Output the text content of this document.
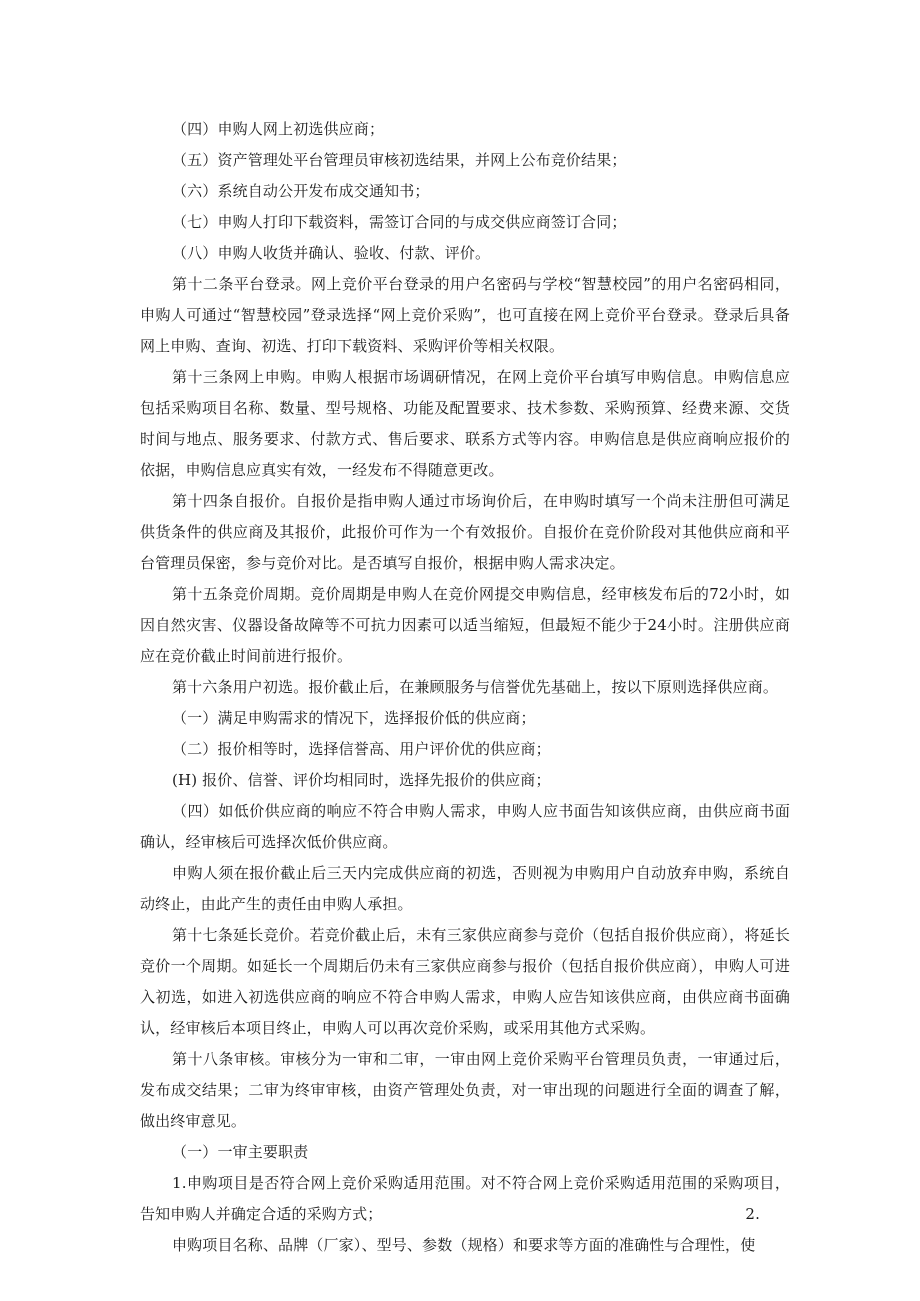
（四）申购人网上初选供应商；

（五）资产管理处平台管理员审核初选结果，并网上公布竞价结果；

（六）系统自动公开发布成交通知书；

（七）申购人打印下载资料，需签订合同的与成交供应商签订合同；

（八）申购人收货并确认、验收、付款、评价。

第十二条平台登录。网上竞价平台登录的用户名密码与学校“智慧校园”的用户名密码相同，申购人可通过“智慧校园”登录选择“网上竞价采购”，也可直接在网上竞价平台登录。登录后具备网上申购、查询、初选、打印下载资料、采购评价等相关权限。

第十三条网上申购。申购人根据市场调研情况，在网上竞价平台填写申购信息。申购信息应包括采购项目名称、数量、型号规格、功能及配置要求、技术参数、采购预算、经费来源、交货时间与地点、服务要求、付款方式、售后要求、联系方式等内容。申购信息是供应商响应报价的依据，申购信息应真实有效，一经发布不得随意更改。

第十四条自报价。自报价是指申购人通过市场询价后，在申购时填写一个尚未注册但可满足供货条件的供应商及其报价，此报价可作为一个有效报价。自报价在竞价阶段对其他供应商和平台管理员保密，参与竞价对比。是否填写自报价，根据申购人需求决定。

第十五条竞价周期。竞价周期是申购人在竞价网提交申购信息，经审核发布后的72小时，如因自然灾害、仪器设备故障等不可抗力因素可以适当缩短，但最短不能少于24小时。注册供应商应在竞价截止时间前进行报价。

第十六条用户初选。报价截止后，在兼顾服务与信誉优先基础上，按以下原则选择供应商。

（一）满足申购需求的情况下，选择报价低的供应商；

（二）报价相等时，选择信誉高、用户评价优的供应商；

(H) 报价、信誉、评价均相同时，选择先报价的供应商；

（四）如低价供应商的响应不符合申购人需求，申购人应书面告知该供应商，由供应商书面确认，经审核后可选择次低价供应商。

申购人须在报价截止后三天内完成供应商的初选，否则视为申购用户自动放弃申购，系统自动终止，由此产生的责任由申购人承担。

第十七条延长竞价。若竞价截止后，未有三家供应商参与竞价（包括自报价供应商），将延长竞价一个周期。如延长一个周期后仍未有三家供应商参与报价（包括自报价供应商），申购人可进入初选，如进入初选供应商的响应不符合申购人需求，申购人应告知该供应商，由供应商书面确认，经审核后本项目终止，申购人可以再次竞价采购，或采用其他方式采购。

第十八条审核。审核分为一审和二审，一审由网上竞价采购平台管理员负责，一审通过后，发布成交结果；二审为终审审核，由资产管理处负责，对一审出现的问题进行全面的调查了解，做出终审意见。

（一）一审主要职责

1.申购项目是否符合网上竞价采购适用范围。对不符合网上竞价采购适用范围的采购项目，告知申购人并确定合适的采购方式；	2.

申购项目名称、品牌（厂家）、型号、参数（规格）和要求等方面的准确性与合理性，使
